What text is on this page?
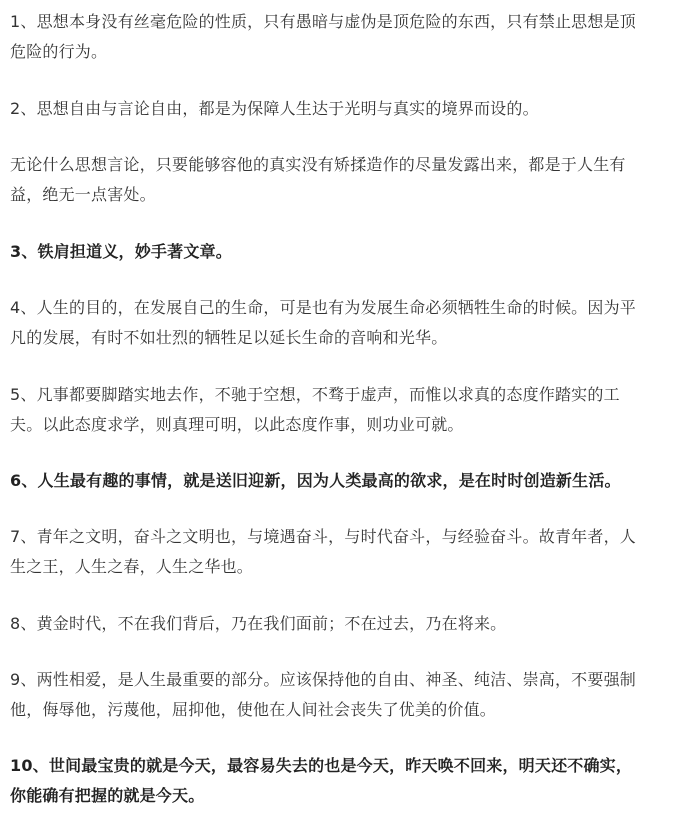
1、思想本身没有丝毫危险的性质，只有愚暗与虚伪是顶危险的东西，只有禁止思想是顶
危险的行为。

2、思想自由与言论自由，都是为保障人生达于光明与真实的境界而设的。

无论什么思想言论，只要能够容他的真实没有矫揉造作的尽量发露出来，都是于人生有
益，绝无一点害处。

3、铁肩担道义，妙手著文章。

4、人生的目的，在发展自己的生命，可是也有为发展生命必须牺牲生命的时候。因为平
凡的发展，有时不如壮烈的牺牲足以延长生命的音响和光华。

5、凡事都要脚踏实地去作，不驰于空想，不骛于虚声，而惟以求真的态度作踏实的工
夫。以此态度求学，则真理可明，以此态度作事，则功业可就。

6、人生最有趣的事情，就是送旧迎新，因为人类最高的欲求，是在时时创造新生活。

7、青年之文明，奋斗之文明也，与境遇奋斗，与时代奋斗，与经验奋斗。故青年者，人
生之王，人生之春，人生之华也。

8、黄金时代，不在我们背后，乃在我们面前；不在过去，乃在将来。

9、两性相爱，是人生最重要的部分。应该保持他的自由、神圣、纯洁、崇高，不要强制
他，侮辱他，污蔑他，屈抑他，使他在人间社会丧失了优美的价值。

10、世间最宝贵的就是今天，最容易失去的也是今天，昨天唤不回来，明天还不确实，
你能确有把握的就是今天。
